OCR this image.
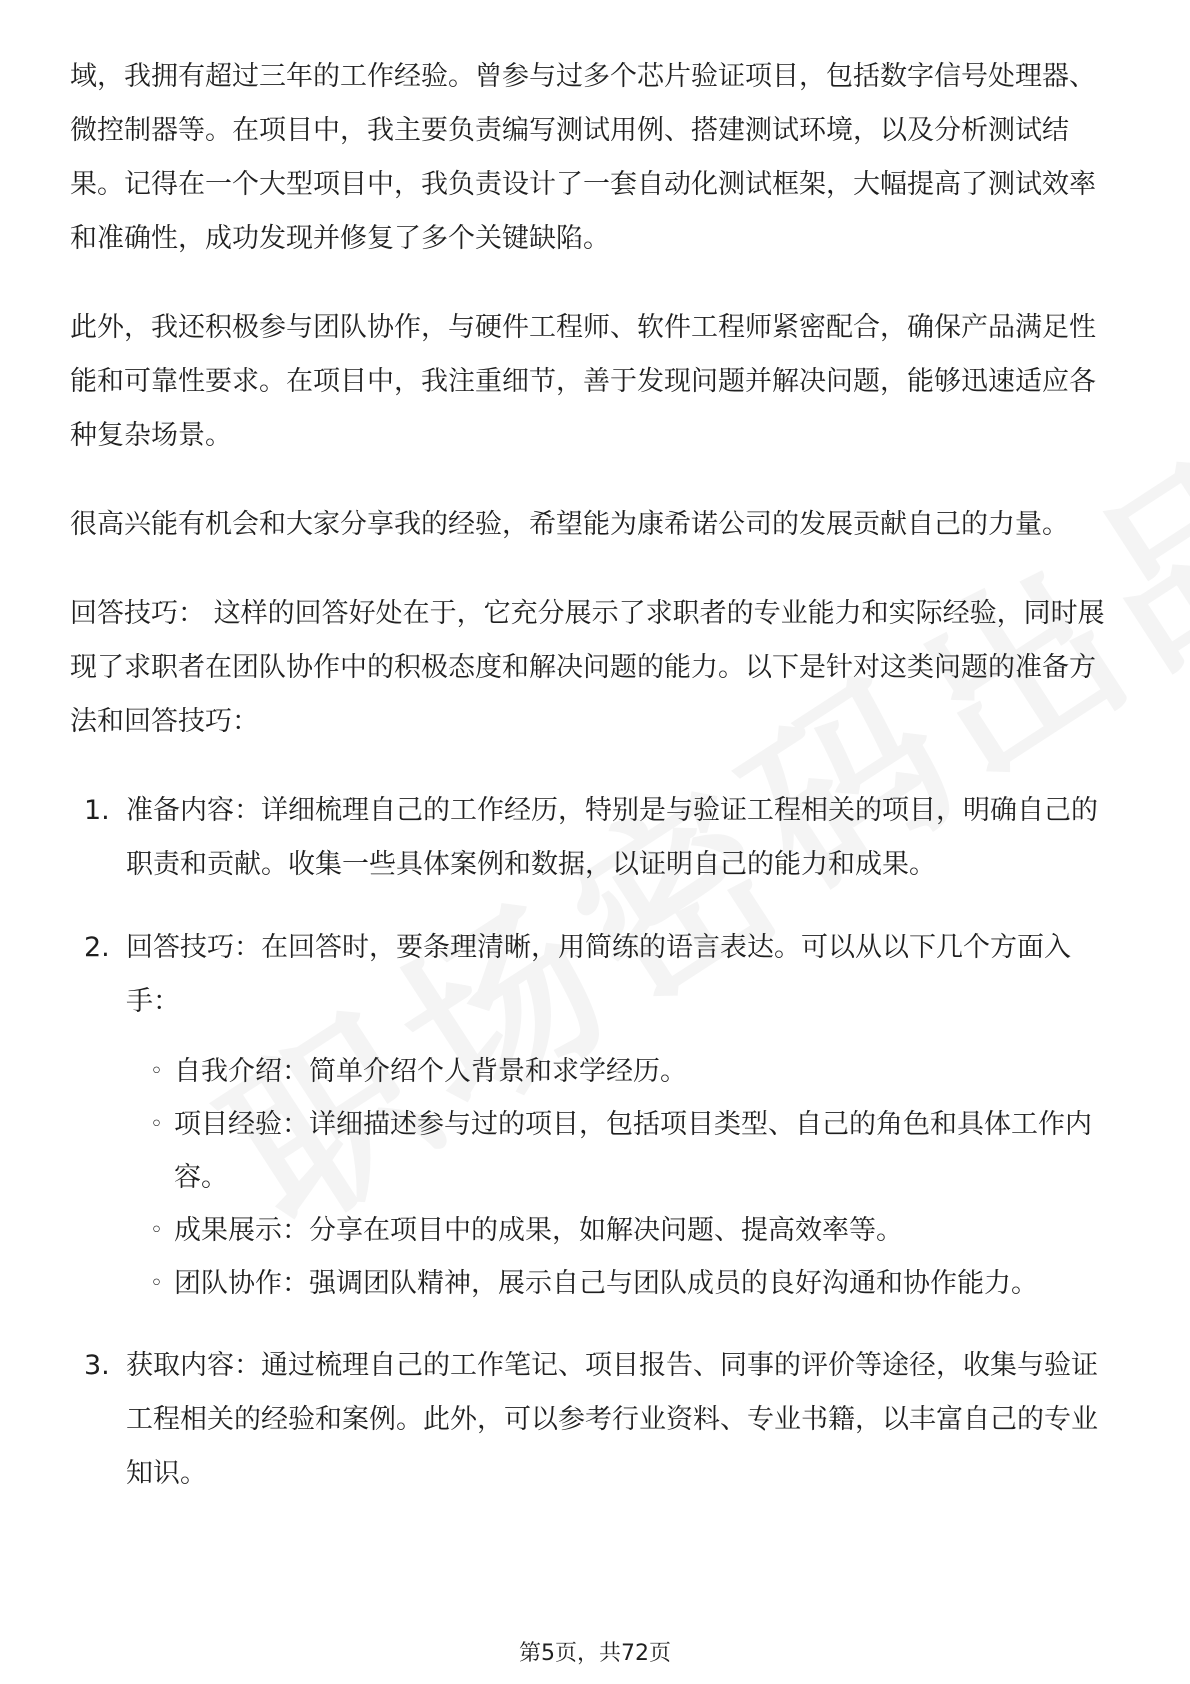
域，我拥有超过三年的工作经验。曾参与过多个芯片验证项目，包括数字信号处理器、微控制器等。在项目中，我主要负责编写测试用例、搭建测试环境，以及分析测试结果。记得在一个大型项目中，我负责设计了一套自动化测试框架，大幅提高了测试效率和准确性，成功发现并修复了多个关键缺陷。

此外，我还积极参与团队协作，与硬件工程师、软件工程师紧密配合，确保产品满足性能和可靠性要求。在项目中，我注重细节，善于发现问题并解决问题，能够迅速适应各种复杂场景。

很高兴能有机会和大家分享我的经验，希望能为康希诺公司的发展贡献自己的力量。

回答技巧： 这样的回答好处在于，它充分展示了求职者的专业能力和实际经验，同时展现了求职者在团队协作中的积极态度和解决问题的能力。以下是针对这类问题的准备方法和回答技巧：

1. 准备内容：详细梳理自己的工作经历，特别是与验证工程相关的项目，明确自己的职责和贡献。收集一些具体案例和数据，以证明自己的能力和成果。
2. 回答技巧：在回答时，要条理清晰，用简练的语言表达。可以从以下几个方面入手：
◦ 自我介绍：简单介绍个人背景和求学经历。
◦ 项目经验：详细描述参与过的项目，包括项目类型、自己的角色和具体工作内容。
◦ 成果展示：分享在项目中的成果，如解决问题、提高效率等。
◦ 团队协作：强调团队精神，展示自己与团队成员的良好沟通和协作能力。
3. 获取内容：通过梳理自己的工作笔记、项目报告、同事的评价等途径，收集与验证工程相关的经验和案例。此外，可以参考行业资料、专业书籍，以丰富自己的专业知识。
第5页，共72页
